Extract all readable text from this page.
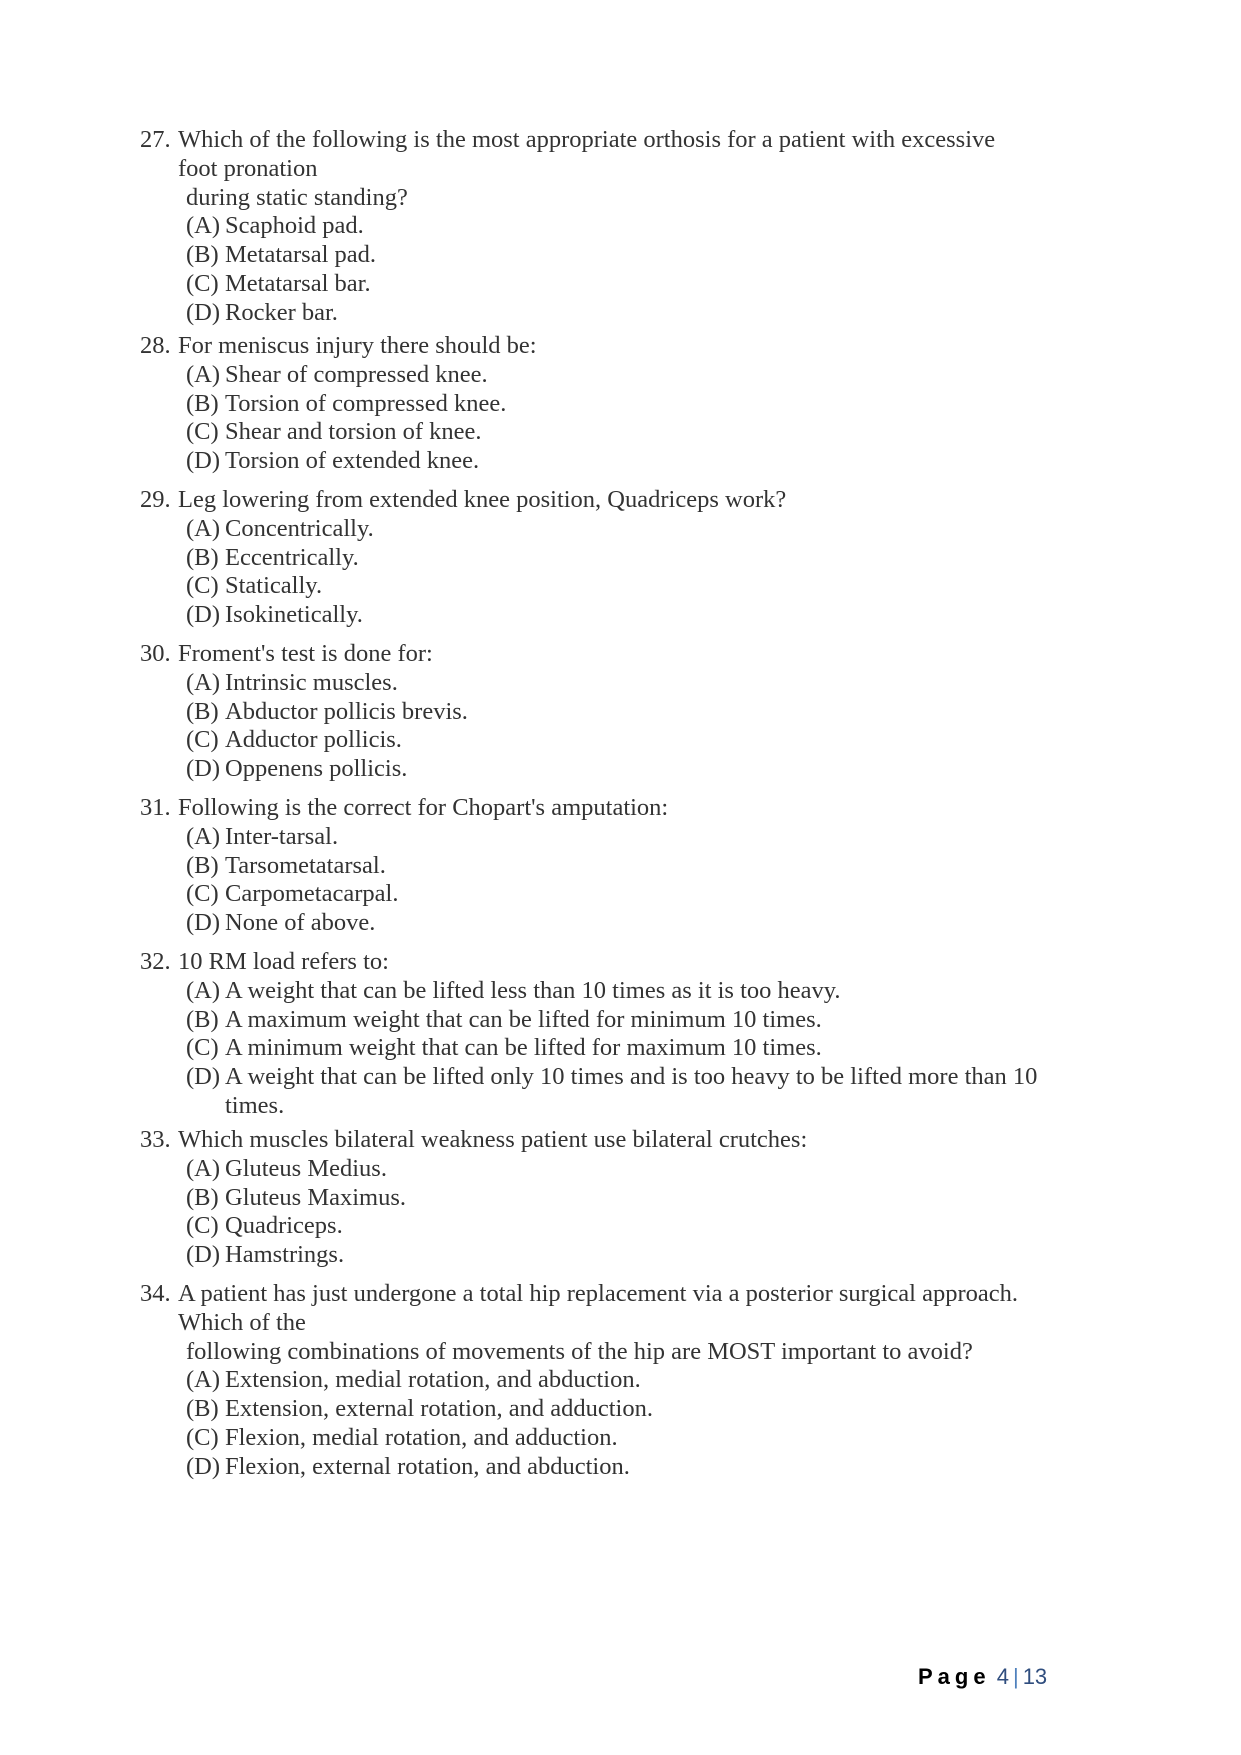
27. Which of the following is the most appropriate orthosis for a patient with excessive
foot pronation
during static standing?
(A) Scaphoid pad.
(B) Metatarsal pad.
(C) Metatarsal bar.
(D) Rocker bar.
28. For meniscus injury there should be:
(A) Shear of compressed knee.
(B) Torsion of compressed knee.
(C) Shear and torsion of knee.
(D) Torsion of extended knee.
29. Leg lowering from extended knee position, Quadriceps work?
(A) Concentrically.
(B) Eccentrically.
(C) Statically.
(D) Isokinetically.
30. Froment's test is done for:
(A) Intrinsic muscles.
(B) Abductor pollicis brevis.
(C) Adductor pollicis.
(D) Oppenens pollicis.
31. Following is the correct for Chopart's amputation:
(A) Inter-tarsal.
(B) Tarsometatarsal.
(C) Carpometacarpal.
(D) None of above.
32. 10 RM load refers to:
(A) A weight that can be lifted less than 10 times as it is too heavy.
(B) A maximum weight that can be lifted for minimum 10 times.
(C) A minimum weight that can be lifted for maximum 10 times.
(D) A weight that can be lifted only 10 times and is too heavy to be lifted more than 10 times.
33. Which muscles bilateral weakness patient use bilateral crutches:
(A) Gluteus Medius.
(B) Gluteus Maximus.
(C) Quadriceps.
(D) Hamstrings.
34. A patient has just undergone a total hip replacement via a posterior surgical approach.
Which of the
following combinations of movements of the hip are MOST important to avoid?
(A) Extension, medial rotation, and abduction.
(B) Extension, external rotation, and adduction.
(C) Flexion, medial rotation, and adduction.
(D) Flexion, external rotation, and abduction.
Page 4 | 13
